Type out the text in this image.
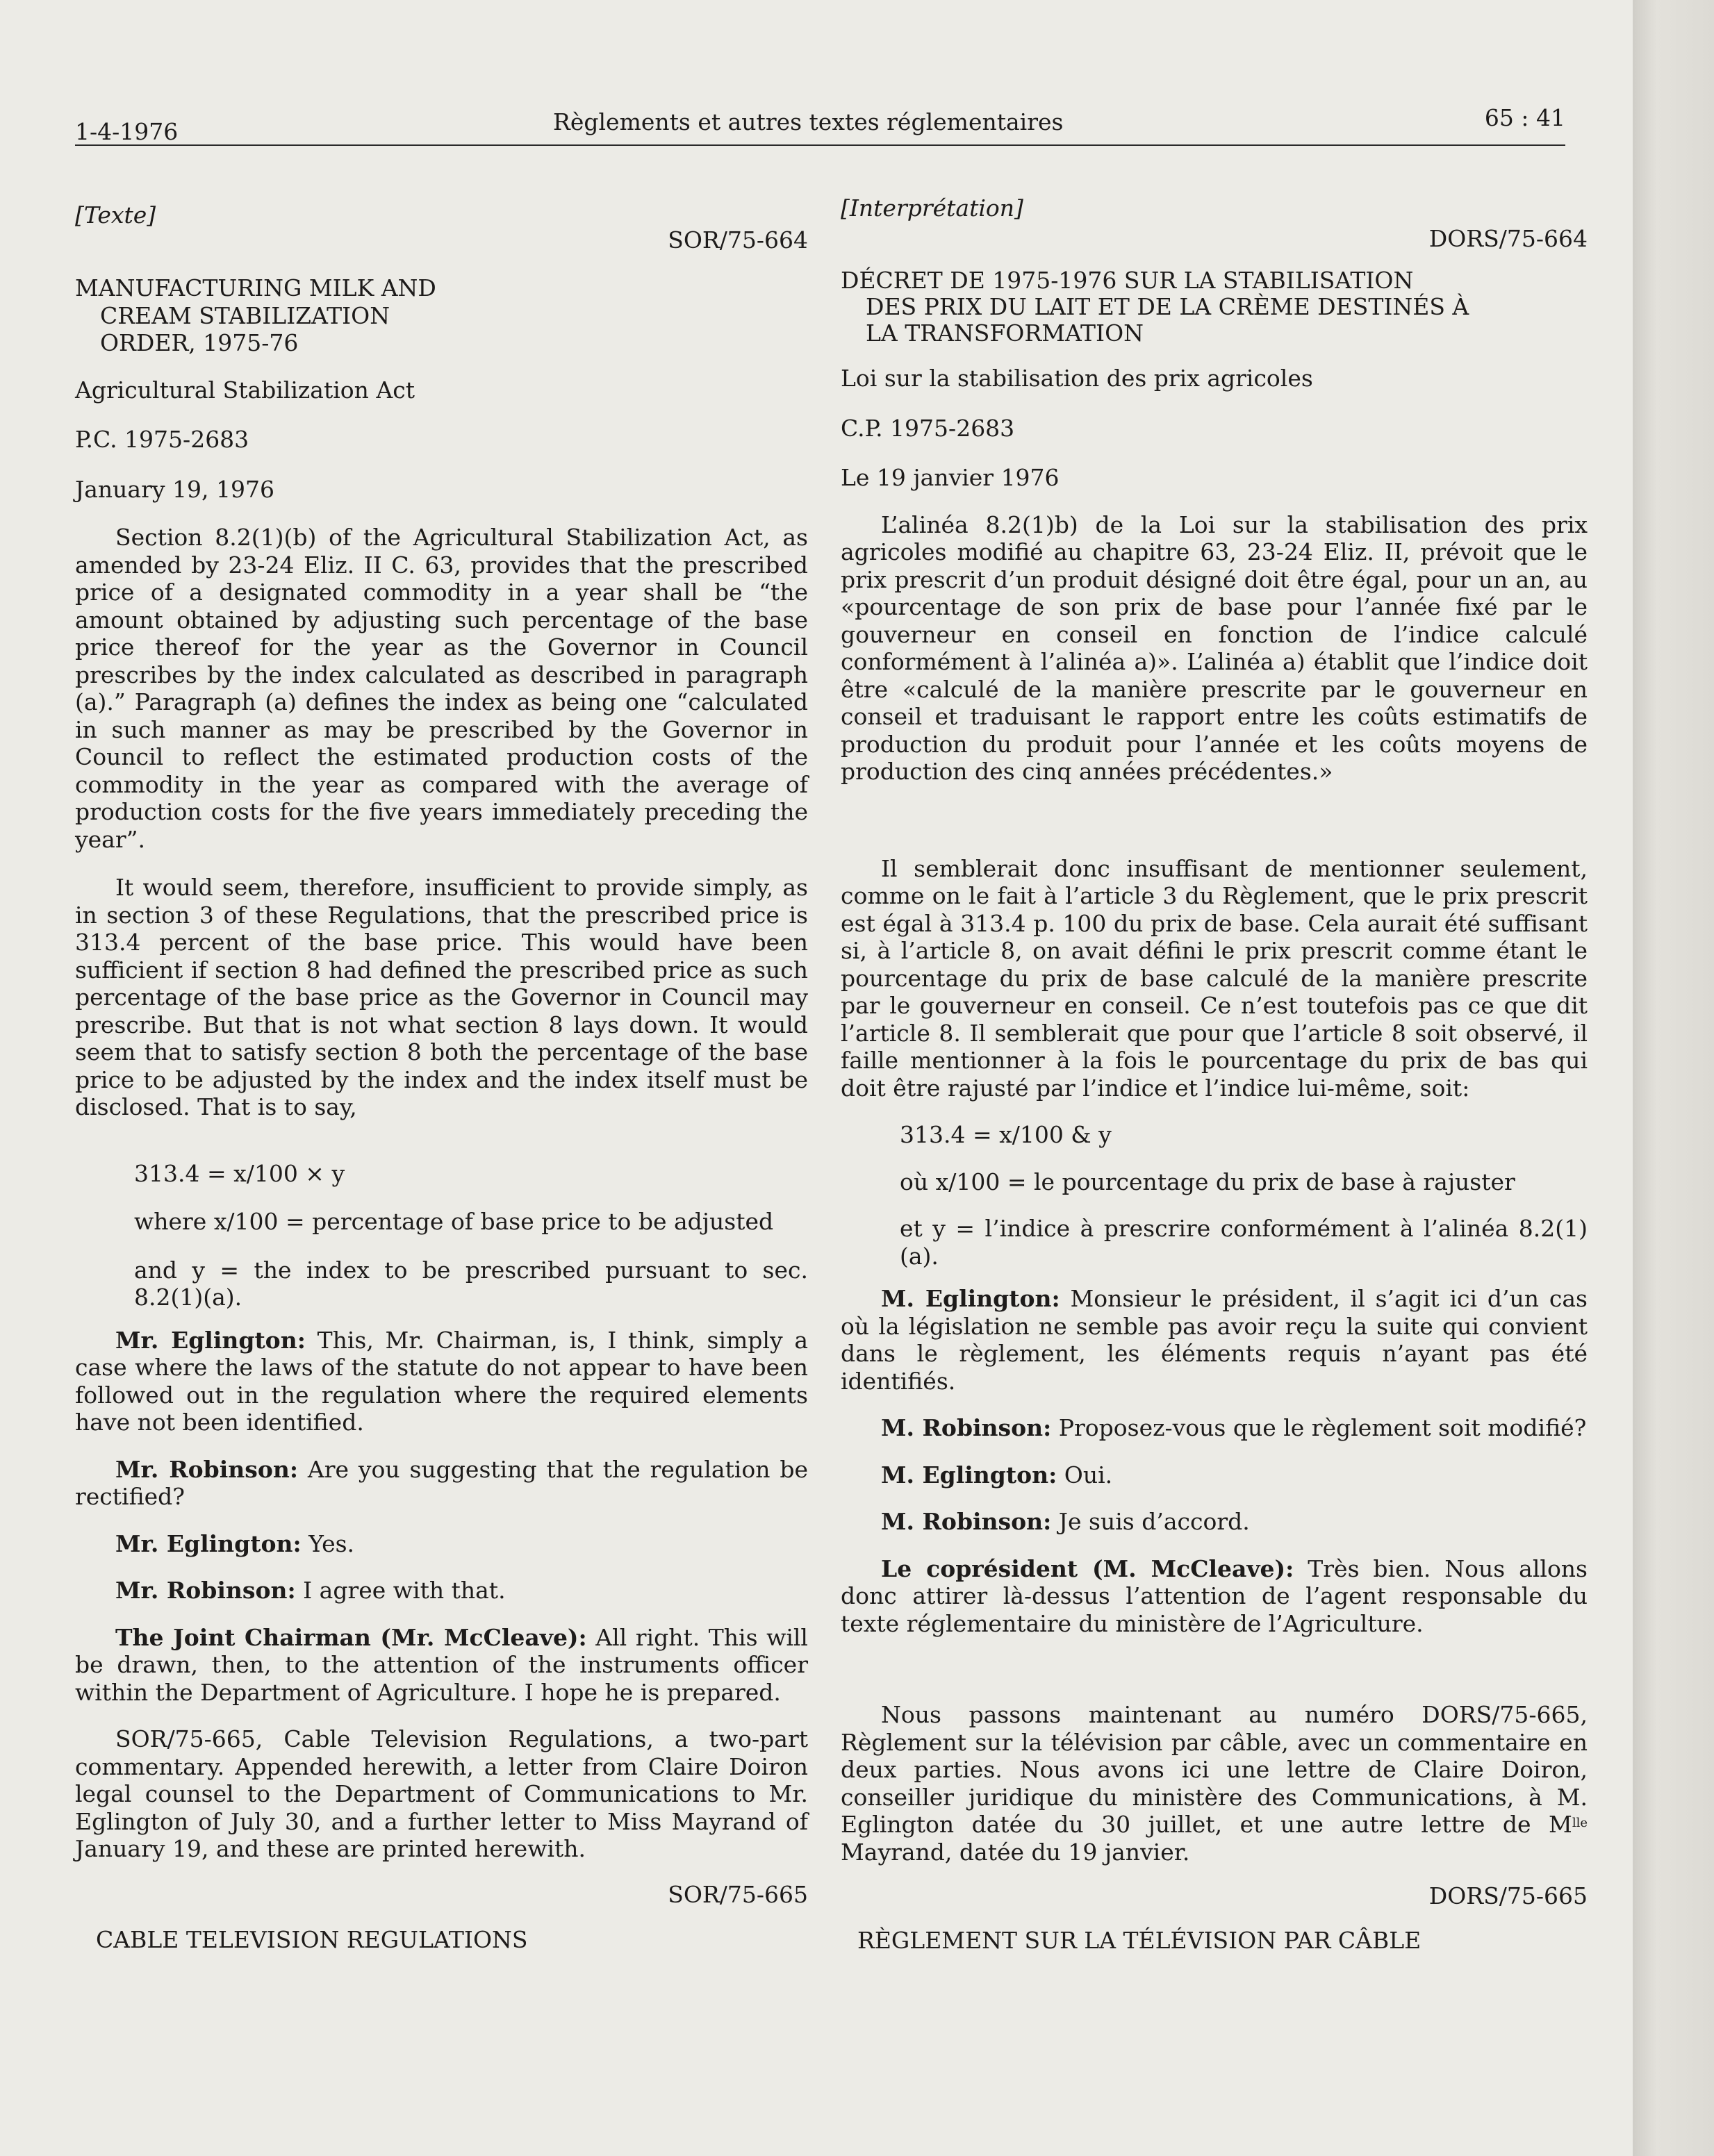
1-4-1976	Règlements et autres textes réglementaires	65 : 41

[Texte]

SOR/75-664

MANUFACTURING MILK AND
CREAM STABILIZATION
ORDER, 1975-76

Agricultural Stabilization Act

P.C. 1975-2683

January 19, 1976

Section 8.2(1)(b) of the Agricultural Stabilization Act, as amended by 23-24 Eliz. II C. 63, provides that the prescribed price of a designated commodity in a year shall be “the amount obtained by adjusting such percentage of the base price thereof for the year as the Governor in Council prescribes by the index calculated as described in paragraph (a).” Paragraph (a) defines the index as being one “calculated in such manner as may be prescribed by the Governor in Council to reflect the estimated production costs of the commodity in the year as compared with the average of production costs for the five years immediately preceding the year”.

It would seem, therefore, insufficient to provide simply, as in section 3 of these Regulations, that the prescribed price is 313.4 percent of the base price. This would have been sufficient if section 8 had defined the prescribed price as such percentage of the base price as the Governor in Council may prescribe. But that is not what section 8 lays down. It would seem that to satisfy section 8 both the percentage of the base price to be adjusted by the index and the index itself must be disclosed. That is to say,

313.4 = x/100 × y

where x/100 = percentage of base price to be adjusted

and y = the index to be prescribed pursuant to sec. 8.2(1)(a).

Mr. Eglington: This, Mr. Chairman, is, I think, simply a case where the laws of the statute do not appear to have been followed out in the regulation where the required elements have not been identified.

Mr. Robinson: Are you suggesting that the regulation be rectified?

Mr. Eglington: Yes.

Mr. Robinson: I agree with that.

The Joint Chairman (Mr. McCleave): All right. This will be drawn, then, to the attention of the instruments officer within the Department of Agriculture. I hope he is prepared.

SOR/75-665, Cable Television Regulations, a two-part commentary. Appended herewith, a letter from Claire Doiron legal counsel to the Department of Communications to Mr. Eglington of July 30, and a further letter to Miss Mayrand of January 19, and these are printed herewith.

SOR/75-665

CABLE TELEVISION REGULATIONS

[Interprétation]

DORS/75-664

DÉCRET DE 1975-1976 SUR LA STABILISATION
DES PRIX DU LAIT ET DE LA CRÈME DESTINÉS À
LA TRANSFORMATION

Loi sur la stabilisation des prix agricoles

C.P. 1975-2683

Le 19 janvier 1976

L’alinéa 8.2(1)b) de la Loi sur la stabilisation des prix agricoles modifié au chapitre 63, 23-24 Eliz. II, prévoit que le prix prescrit d’un produit désigné doit être égal, pour un an, au «pourcentage de son prix de base pour l’année fixé par le gouverneur en conseil en fonction de l’indice calculé conformément à l’alinéa a)». L’alinéa a) établit que l’indice doit être «calculé de la manière prescrite par le gouverneur en conseil et traduisant le rapport entre les coûts estimatifs de production du produit pour l’année et les coûts moyens de production des cinq années précédentes.»

Il semblerait donc insuffisant de mentionner seulement, comme on le fait à l’article 3 du Règlement, que le prix prescrit est égal à 313.4 p. 100 du prix de base. Cela aurait été suffisant si, à l’article 8, on avait défini le prix prescrit comme étant le pourcentage du prix de base calculé de la manière prescrite par le gouverneur en conseil. Ce n’est toutefois pas ce que dit l’article 8. Il semblerait que pour que l’article 8 soit observé, il faille mentionner à la fois le pourcentage du prix de bas qui doit être rajusté par l’indice et l’indice lui-même, soit:

313.4 = x/100 & y

où x/100 = le pourcentage du prix de base à rajuster

et y = l’indice à prescrire conformément à l’alinéa 8.2(1)(a).

M. Eglington: Monsieur le président, il s’agit ici d’un cas où la législation ne semble pas avoir reçu la suite qui convient dans le règlement, les éléments requis n’ayant pas été identifiés.

M. Robinson: Proposez-vous que le règlement soit modifié?

M. Eglington: Oui.

M. Robinson: Je suis d’accord.

Le coprésident (M. McCleave): Très bien. Nous allons donc attirer là-dessus l’attention de l’agent responsable du texte réglementaire du ministère de l’Agriculture.

Nous passons maintenant au numéro DORS/75-665, Règlement sur la télévision par câble, avec un commentaire en deux parties. Nous avons ici une lettre de Claire Doiron, conseiller juridique du ministère des Communications, à M. Eglington datée du 30 juillet, et une autre lettre de $M^{lle}$ Mayrand, datée du 19 janvier.

DORS/75-665

RÈGLEMENT SUR LA TÉLÉVISION PAR CÂBLE
